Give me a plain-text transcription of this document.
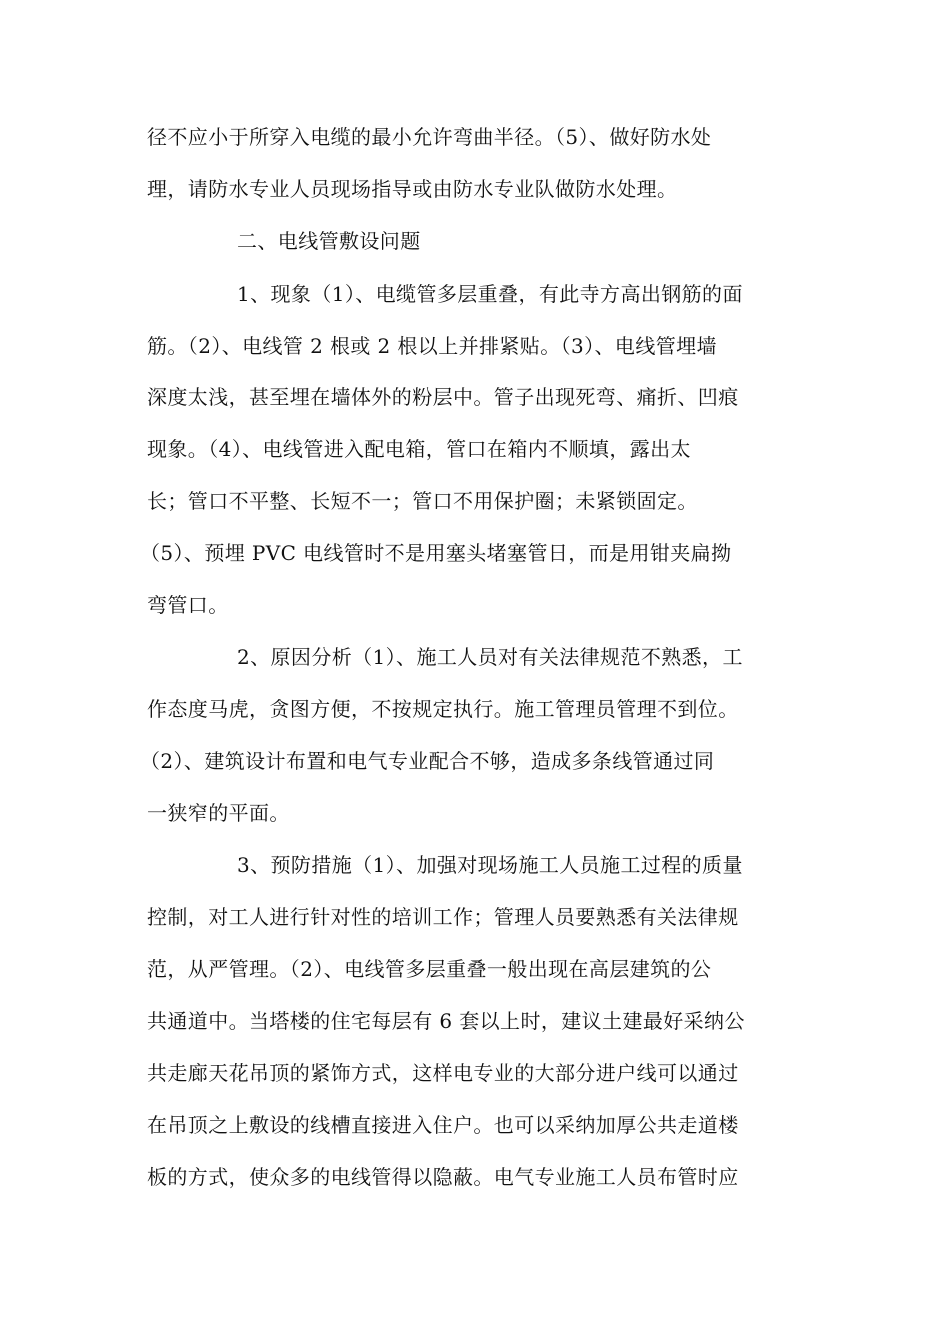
径不应小于所穿入电缆的最小允许弯曲半径。（5）、做好防水处
理，请防水专业人员现场指导或由防水专业队做防水处理。
二、电线管敷设问题
1、现象（1）、电缆管多层重叠，有此寺方高出钢筋的面
筋。（2）、电线管 2 根或 2 根以上并排紧贴。（3）、电线管埋墙
深度太浅，甚至埋在墙体外的粉层中。管子出现死弯、痛折、凹痕
现象。（4）、电线管进入配电箱，管口在箱内不顺填，露出太
长；管口不平整、长短不一；管口不用保护圈；未紧锁固定。
（5）、预埋 PVC 电线管时不是用塞头堵塞管日，而是用钳夹扁拗
弯管口。
2、原因分析（1）、施工人员对有关法律规范不熟悉，工
作态度马虎，贪图方便，不按规定执行。施工管理员管理不到位。
（2）、建筑设计布置和电气专业配合不够，造成多条线管通过同
一狭窄的平面。
3、预防措施（1）、加强对现场施工人员施工过程的质量
控制，对工人进行针对性的培训工作；管理人员要熟悉有关法律规
范，从严管理。（2）、电线管多层重叠一般出现在高层建筑的公
共通道中。当塔楼的住宅每层有 6 套以上时，建议土建最好采纳公
共走廊天花吊顶的紧饰方式，这样电专业的大部分进户线可以通过
在吊顶之上敷设的线槽直接进入住户。也可以采纳加厚公共走道楼
板的方式，使众多的电线管得以隐蔽。电气专业施工人员布管时应
